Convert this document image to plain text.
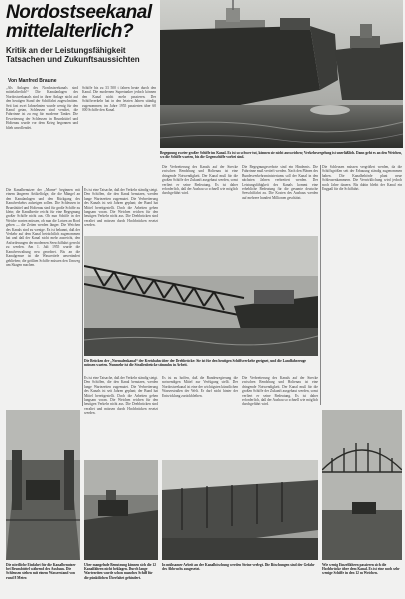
Nordostseekanal mittelalterlich?
Kritik an der Leistungsfähigkeit Tatsachen und Zukunftsaussichten
Von Manfred Braune
„Als Anlagen des Nordostseekanals sind mittelalterlich!“ Die Kanalanlagen des Nordostseekanals sind in ihrer Anlage nicht auf den heutigen Stand der Schiffahrt zugeschnitten. Seit fast zwei Jahrzehnten wurde wenig für den Kanal getan, Schleusen sind veraltet, die Fahrrinne ist zu eng für moderne Tanker. Die Erweiterung der Schleusen in Brunsbüttel und Holtenau wurde vor dem Krieg begonnen und blieb unvollendet.
Schiffe bis zu 33 500 t fahren heute durch den Kanal. Die modernen Supertanker jedoch können den Kanal nicht mehr passieren. Der Schiffsverkehr hat in den letzten Jahren ständig zugenommen; im Jahre 1955 passierten über 60 000 Schiffe den Kanal.
Begegnung zweier großer Schiffe im Kanal. Es ist so schwer tut, können sie nicht ausweichen; Verkehrsregelung ist unerläßlich. Dann geht es an den Weichen, wo die Schiffe warten, bis die Gegenschiffe vorbei sind.
Die Kanalbenutzer der „Marne“ beginnen mit einem längeren Artikelfolge, die die Mängel an den Kanalanlagen und den Rückgang des Kanalverkehrs aufzeigen sollen. Die Schleusen in Brunsbüttel und Holtenau sind für große Schiffe zu klein; die Kanalbreite reicht für eine Begegnung großer Schiffe nicht aus. Ob nun Schiffe in der Weiche warten müssen, ob nun die Lotsen an Bord gehen — die Zeiten werden länger. Die Weichen des Kanals sind zu wenige. Es ist bekannt, daß der Verkehr auf dem Kanal beträchtlich zugenommen hat und daß der Kanal nicht mehr ausreicht, den Anforderungen der modernen Seeschiffahrt gerecht zu werden. Am 1. Juli 1955 wurde die Kanalverwaltung neu geordnet. Bis an die Kanalgrenze ist die Wassertiefe unverändert geblieben; die größten Schiffe müssen den Umweg um Skagen machen.
Es ist eine Tatsache, daß der Verkehr ständig steigt. Den Schiffen, die den Kanal benutzen, werden lange Wartezeiten zugemutet. Die Verbreiterung des Kanals ist seit Jahren geplant; der Bund hat Mittel bereitgestellt. Doch die Arbeiten gehen langsam voran. Die Weichen reichen für den heutigen Verkehr nicht aus. Die Drehbrücken sind veraltet und müssen durch Hochbrücken ersetzt werden.
Die Verbreiterung des Kanals auf der Strecke zwischen Rendsburg und Holtenau ist eine dringende Notwendigkeit. Der Kanal muß für die großen Schiffe der Zukunft ausgebaut werden, sonst verliert er seine Bedeutung. Es ist daher erforderlich, daß der Ausbau so schnell wie möglich durchgeführt wird.
Die Begegnungsverbote sind ein Hindernis. Die Fahrrinne muß vertieft werden. Nach den Plänen des Bundesverkehrsministeriums soll der Kanal in den nächsten Jahren verbreitert werden. Der Leistungsfähigkeit des Kanals kommt eine erhebliche Bedeutung für die gesamte deutsche Seeschiffahrt zu. Die Kosten des Ausbaus werden auf mehrere hundert Millionen geschätzt.
Die Schleusen müssen vergrößert werden, da die Schiffsgrößen seit der Erbauung ständig zugenommen haben. Die Kanalbehörde plant neue Schleusenkammern. Die Verwirklichung wird jedoch noch Jahre dauern. Bis dahin bleibt der Kanal ein Engpaß für die Schiffahrt.
Die Brücken der „Normalenkanal“ der Kreisbahn über der Drehbrücke: Sie ist für den heutigen Schiffsverkehr geeignet, und die Landfahrzeuge müssen warten. Nunmehr ist die Straßenbrücke stimmlos in Arbeit.
Es ist zu hoffen, daß die Bundesregierung die notwendigen Mittel zur Verfügung stellt. Der Nordostseekanal ist eine der wichtigsten künstlichen Wasserstraßen der Welt. Er darf nicht hinter der Entwicklung zurückbleiben.
Es ist eine Tatsache, daß der Verkehr ständig steigt. Den Schiffen, die den Kanal benutzen, werden lange Wartezeiten zugemutet. Die Verbreiterung des Kanals ist seit Jahren geplant; der Bund hat Mittel bereitgestellt. Doch die Arbeiten gehen langsam voran. Die Weichen reichen für den heutigen Verkehr nicht aus. Die Drehbrücken sind veraltet und müssen durch Hochbrücken ersetzt werden.
Die Verbreiterung des Kanals auf der Strecke zwischen Rendsburg und Holtenau ist eine dringende Notwendigkeit. Der Kanal muß für die großen Schiffe der Zukunft ausgebaut werden, sonst verliert er seine Bedeutung. Es ist daher erforderlich, daß der Ausbau so schnell wie möglich durchgeführt wird.
Die nördliche Einfahrt für die Kanalbenutzer bei Brunsbüttel während des Ausbaus. Die Schleusen stehen mit einem Wasserstand von rund 8 Meter.
Über mangelnde Benutzung können sich die 12 Kanalfähren nicht beklagen. Durch lange Wartezeiten wurde schon manches Schiff für die pünktlichen Überfahrt gehindert.
In mühsamer Arbeit an der Kanalböschung werden Steine verlegt. Die Böschungen sind der Gefahr des Abbruchs ausgesetzt.
Wie wenig Einzelfähren passieren sich die Hochbrücke über dem Kanal. Es ist eine noch sehr wenige Schiffe in den 12 m Weichen.
